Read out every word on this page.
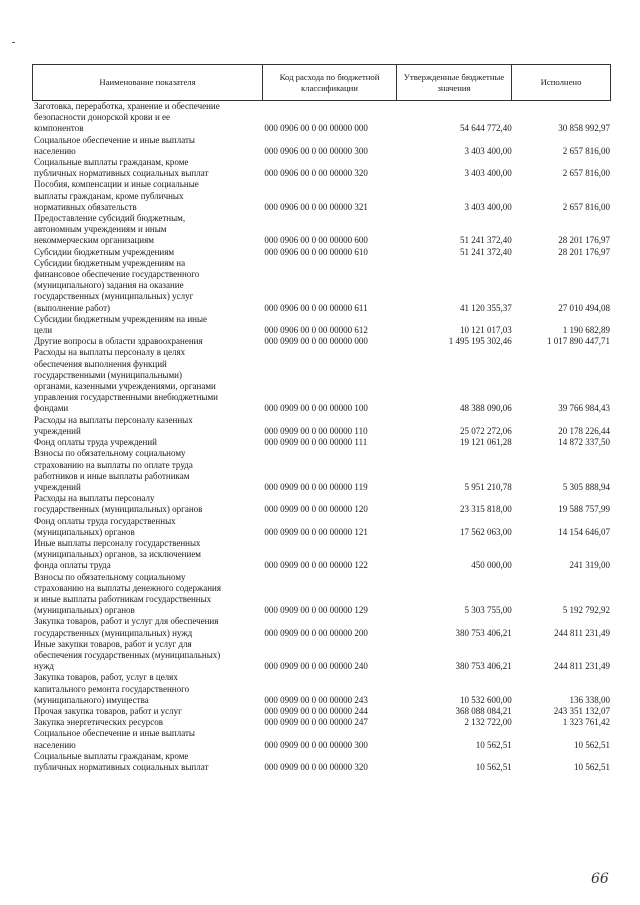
Наименование показателя	Код расхода по бюджетной классификации	Утвержденные бюджетные значения	Исполнено
Заготовка, переработка, хранение и обеспечение
безопасности донорской крови и ее
компонентов	000 0906 00 0 00 00000 000	54 644 772,40	30 858 992,97
Социальное обеспечение и иные выплаты
населению	000 0906 00 0 00 00000 300	3 403 400,00	2 657 816,00
Социальные выплаты гражданам, кроме
публичных нормативных социальных выплат	000 0906 00 0 00 00000 320	3 403 400,00	2 657 816,00
Пособия, компенсации и иные социальные
выплаты гражданам, кроме публичных
нормативных обязательств	000 0906 00 0 00 00000 321	3 403 400,00	2 657 816,00
Предоставление субсидий бюджетным,
автономным учреждениям и иным
некоммерческим организациям	000 0906 00 0 00 00000 600	51 241 372,40	28 201 176,97
Субсидии бюджетным учреждениям	000 0906 00 0 00 00000 610	51 241 372,40	28 201 176,97
Субсидии бюджетным учреждениям на
финансовое обеспечение государственного
(муниципального) задания на оказание
государственных (муниципальных) услуг
(выполнение работ)	000 0906 00 0 00 00000 611	41 120 355,37	27 010 494,08
Субсидии бюджетным учреждениям на иные
цели	000 0906 00 0 00 00000 612	10 121 017,03	1 190 682,89
Другие вопросы в области здравоохранения	000 0909 00 0 00 00000 000	1 495 195 302,46	1 017 890 447,71
Расходы на выплаты персоналу в целях
обеспечения выполнения функций
государственными (муниципальными)
органами, казенными учреждениями, органами
управления государственными внебюджетными
фондами	000 0909 00 0 00 00000 100	48 388 090,06	39 766 984,43
Расходы на выплаты персоналу казенных
учреждений	000 0909 00 0 00 00000 110	25 072 272,06	20 178 226,44
Фонд оплаты труда учреждений	000 0909 00 0 00 00000 111	19 121 061,28	14 872 337,50
Взносы по обязательному социальному
страхованию на выплаты по оплате труда
работников и иные выплаты работникам
учреждений	000 0909 00 0 00 00000 119	5 951 210,78	5 305 888,94
Расходы на выплаты персоналу
государственных (муниципальных) органов	000 0909 00 0 00 00000 120	23 315 818,00	19 588 757,99
Фонд оплаты труда государственных
(муниципальных) органов	000 0909 00 0 00 00000 121	17 562 063,00	14 154 646,07
Иные выплаты персоналу государственных
(муниципальных) органов, за исключением
фонда оплаты труда	000 0909 00 0 00 00000 122	450 000,00	241 319,00
Взносы по обязательному социальному
страхованию на выплаты денежного содержания
и иные выплаты работникам государственных
(муниципальных) органов	000 0909 00 0 00 00000 129	5 303 755,00	5 192 792,92
Закупка товаров, работ и услуг для обеспечения
государственных (муниципальных) нужд	000 0909 00 0 00 00000 200	380 753 406,21	244 811 231,49
Иные закупки товаров, работ и услуг для
обеспечения государственных (муниципальных)
нужд	000 0909 00 0 00 00000 240	380 753 406,21	244 811 231,49
Закупка товаров, работ, услуг в целях
капитального ремонта государственного
(муниципального) имущества	000 0909 00 0 00 00000 243	10 532 600,00	136 338,00
Прочая закупка товаров, работ и услуг	000 0909 00 0 00 00000 244	368 088 084,21	243 351 132,07
Закупка энергетических ресурсов	000 0909 00 0 00 00000 247	2 132 722,00	1 323 761,42
Социальное обеспечение и иные выплаты
населению	000 0909 00 0 00 00000 300	10 562,51	10 562,51
Социальные выплаты гражданам, кроме
публичных нормативных социальных выплат	000 0909 00 0 00 00000 320	10 562,51	10 562,51
66
